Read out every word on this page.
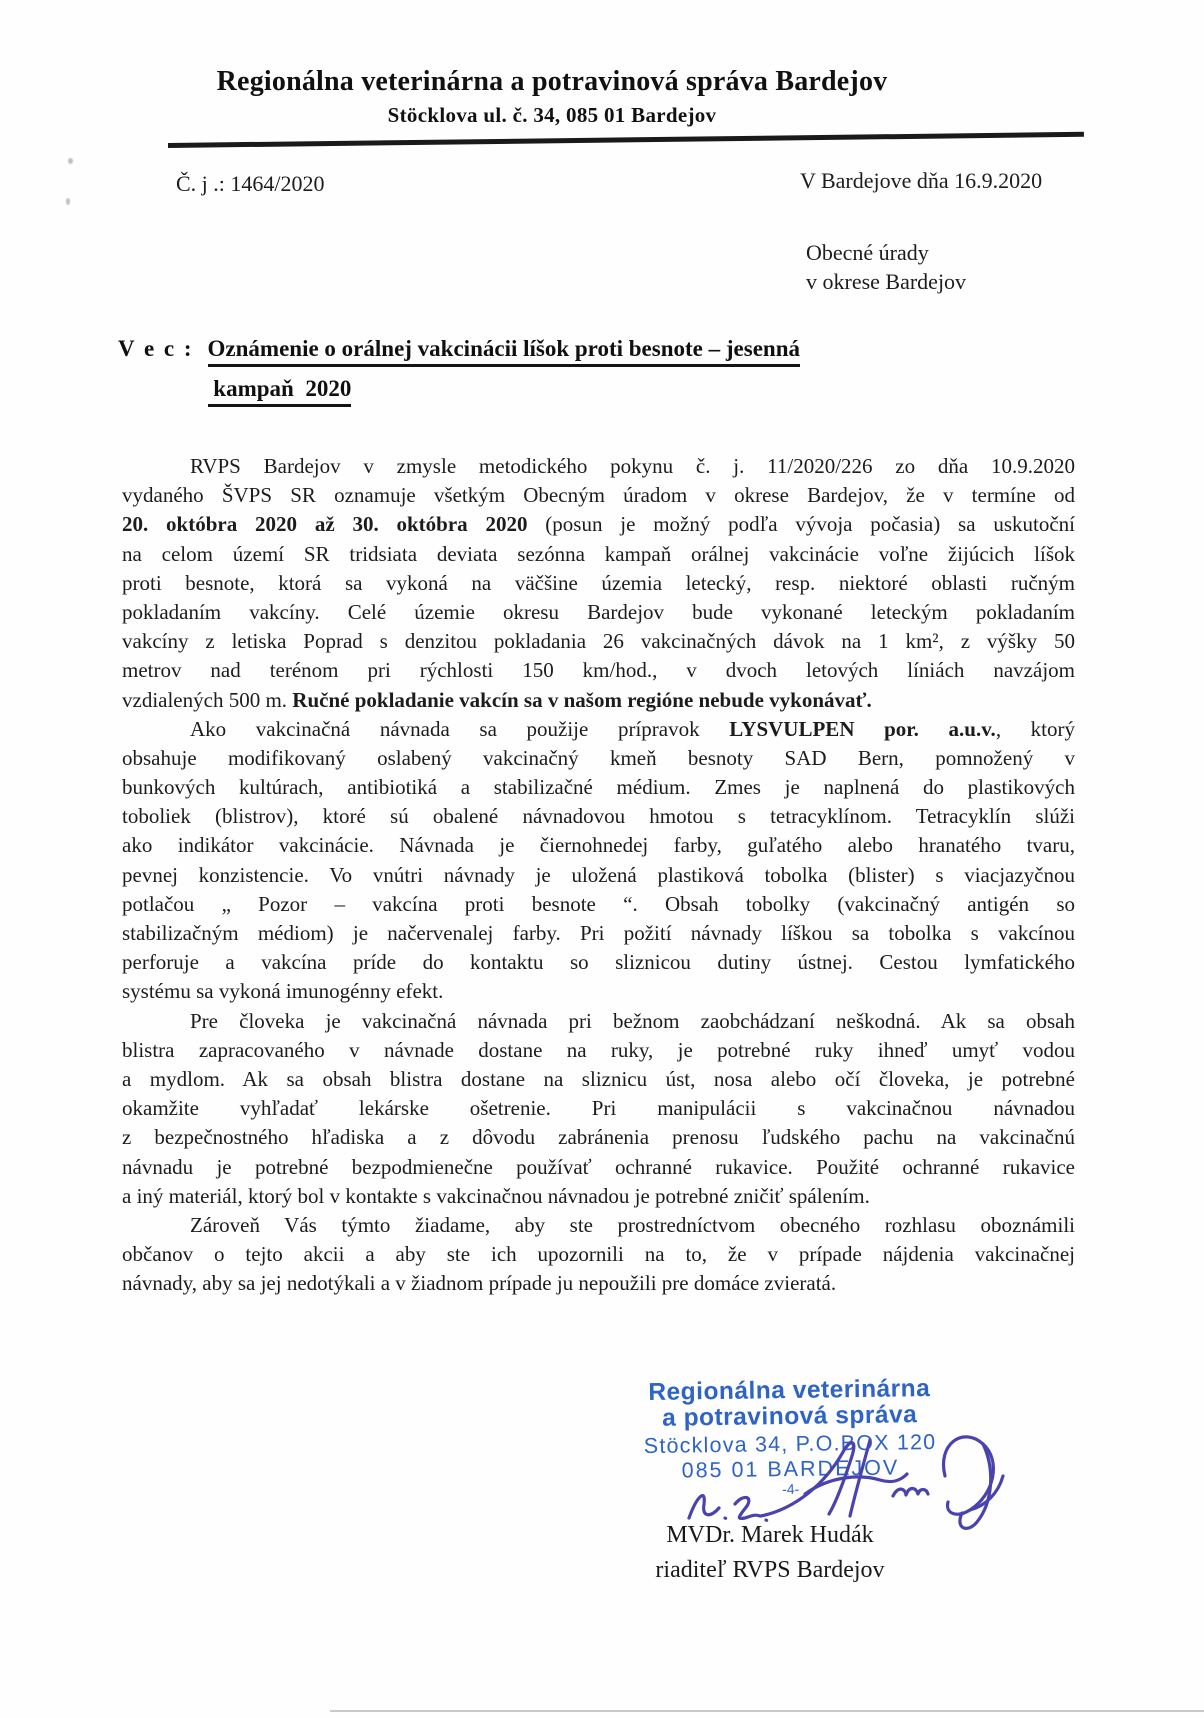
Regionálna veterinárna a potravinová správa Bardejov
Stöcklova ul. č. 34, 085 01 Bardejov
Č. j .: 1464/2020	V Bardejove dňa 16.9.2020
Obecné úrady
v okrese Bardejov
V e c : Oznámenie o orálnej vakcinácii líšok proti besnote – jesenná
kampaň  2020
RVPS Bardejov v zmysle metodického pokynu č. j. 11/2020/226 zo dňa 10.9.2020
vydaného ŠVPS SR oznamuje všetkým Obecným úradom v okrese Bardejov, že v termíne od
20. októbra 2020 až 30. októbra 2020 (posun je možný podľa vývoja počasia) sa uskutoční
na celom území SR tridsiata deviata sezónna kampaň orálnej vakcinácie voľne žijúcich líšok
proti besnote, ktorá sa vykoná na väčšine územia letecký, resp. niektoré oblasti ručným
pokladaním vakcíny. Celé územie okresu Bardejov bude vykonané leteckým pokladaním
vakcíny z letiska Poprad s denzitou pokladania 26 vakcinačných dávok na 1 km², z výšky 50
metrov nad terénom pri rýchlosti 150 km/hod., v dvoch letových líniách navzájom
vzdialených 500 m. Ručné pokladanie vakcín sa v našom regióne nebude vykonávať.
Ako vakcinačná návnada sa použije prípravok LYSVULPEN por. a.u.v., ktorý
obsahuje modifikovaný oslabený vakcinačný kmeň besnoty SAD Bern, pomnožený v
bunkových kultúrach, antibiotiká a stabilizačné médium. Zmes je naplnená do plastikových
toboliek (blistrov), ktoré sú obalené návnadovou hmotou s tetracyklínom. Tetracyklín slúži
ako indikátor vakcinácie. Návnada je čiernohnedej farby, guľatého alebo hranatého tvaru,
pevnej konzistencie. Vo vnútri návnady je uložená plastiková tobolka (blister) s viacjazyčnou
potlačou „ Pozor – vakcína proti besnote “. Obsah tobolky (vakcinačný antigén so
stabilizačným médiom) je načervenalej farby. Pri požití návnady líškou sa tobolka s vakcínou
perforuje a vakcína príde do kontaktu so sliznicou dutiny ústnej. Cestou lymfatického
systému sa vykoná imunogénny efekt.
Pre človeka je vakcinačná návnada pri bežnom zaobchádzaní neškodná. Ak sa obsah
blistra zapracovaného v návnade dostane na ruky, je potrebné ruky ihneď umyť vodou
a mydlom. Ak sa obsah blistra dostane na sliznicu úst, nosa alebo očí človeka, je potrebné
okamžite vyhľadať lekárske ošetrenie. Pri manipulácii s vakcinačnou návnadou
z bezpečnostného hľadiska a z dôvodu zabránenia prenosu ľudského pachu na vakcinačnú
návnadu je potrebné bezpodmienečne používať ochranné rukavice. Použité ochranné rukavice
a iný materiál, ktorý bol v kontakte s vakcinačnou návnadou je potrebné zničiť spálením.
Zároveň Vás týmto žiadame, aby ste prostredníctvom obecného rozhlasu oboznámili
občanov o tejto akcii a aby ste ich upozornili na to, že v prípade nájdenia vakcinačnej
návnady, aby sa jej nedotýkali a v žiadnom prípade ju nepoužili pre domáce zvieratá.
Regionálna veterinárna
a potravinová správa
Stöcklova 34, P.O.BOX 120
085 01 BARDEJOV
-4-
MVDr. Marek Hudák
riaditeľ RVPS Bardejov
